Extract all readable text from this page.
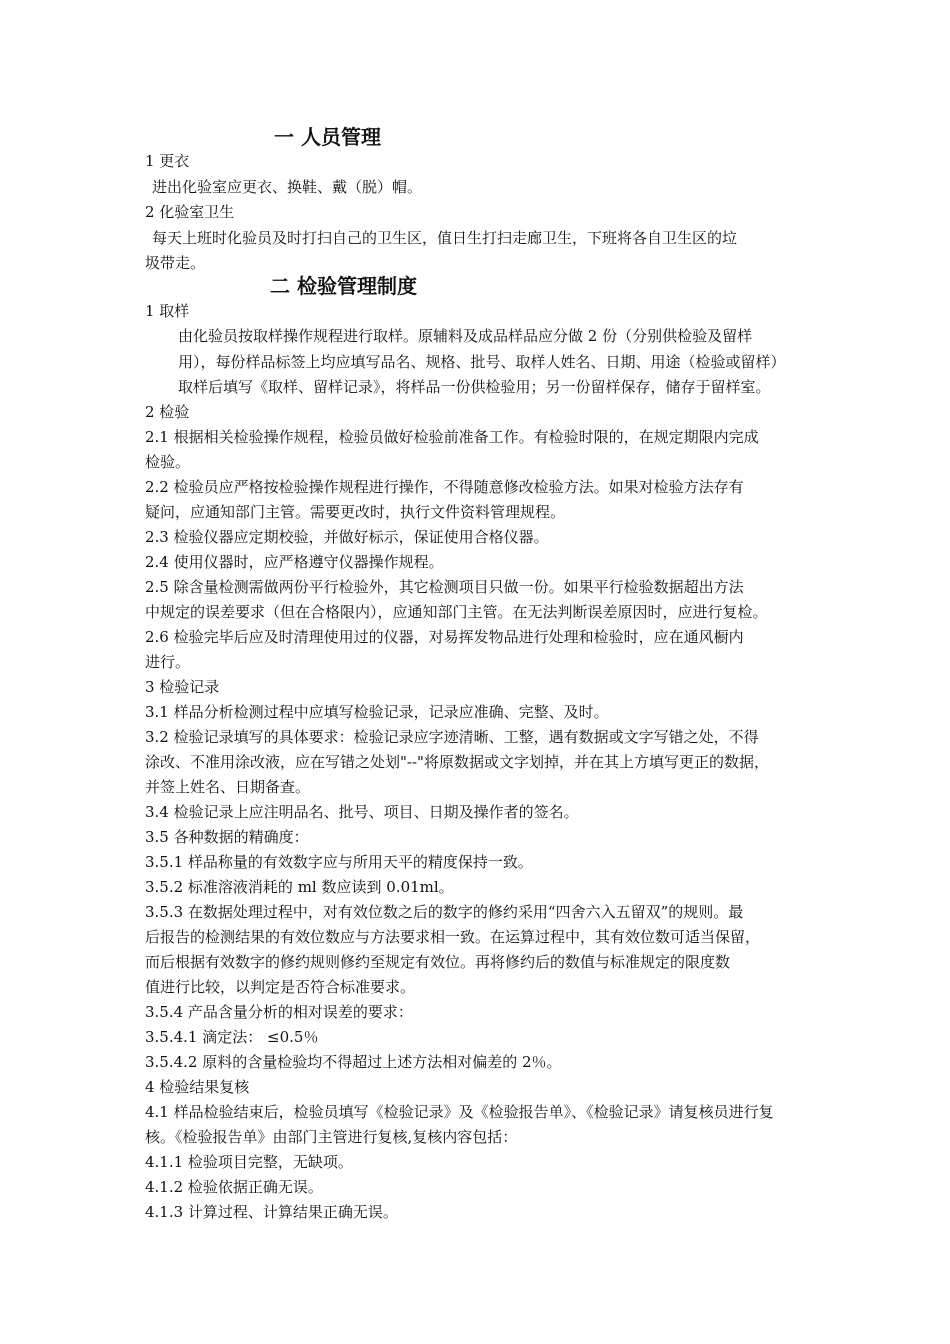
一 人员管理
1 更衣
进出化验室应更衣、换鞋、戴（脱）帽。
2 化验室卫生
每天上班时化验员及时打扫自己的卫生区，值日生打扫走廊卫生，下班将各自卫生区的垃
圾带走。
二 检验管理制度
1 取样
由化验员按取样操作规程进行取样。原辅料及成品样品应分做 2 份（分别供检验及留样
用），每份样品标签上均应填写品名、规格、批号、取样人姓名、日期、用途（检验或留样）
取样后填写《取样、留样记录》，将样品一份供检验用；另一份留样保存，储存于留样室。
2 检验
2.1 根据相关检验操作规程，检验员做好检验前准备工作。有检验时限的，在规定期限内完成
检验。
2.2 检验员应严格按检验操作规程进行操作，不得随意修改检验方法。如果对检验方法存有
疑问，应通知部门主管。需要更改时，执行文件资料管理规程。
2.3 检验仪器应定期校验，并做好标示，保证使用合格仪器。
2.4 使用仪器时，应严格遵守仪器操作规程。
2.5 除含量检测需做两份平行检验外，其它检测项目只做一份。如果平行检验数据超出方法
中规定的误差要求（但在合格限内），应通知部门主管。在无法判断误差原因时，应进行复检。
2.6 检验完毕后应及时清理使用过的仪器，对易挥发物品进行处理和检验时，应在通风橱内
进行。
3 检验记录
3.1 样品分析检测过程中应填写检验记录，记录应准确、完整、及时。
3.2 检验记录填写的具体要求：检验记录应字迹清晰、工整，遇有数据或文字写错之处，不得
涂改、不准用涂改液，应在写错之处划"--"将原数据或文字划掉，并在其上方填写更正的数据，
并签上姓名、日期备查。
3.4 检验记录上应注明品名、批号、项目、日期及操作者的签名。
3.5 各种数据的精确度：
3.5.1 样品称量的有效数字应与所用天平的精度保持一致。
3.5.2 标准溶液消耗的 ml 数应读到 0.01ml。
3.5.3 在数据处理过程中，对有效位数之后的数字的修约采用“四舍六入五留双”的规则。最
后报告的检测结果的有效位数应与方法要求相一致。在运算过程中，其有效位数可适当保留，
而后根据有效数字的修约规则修约至规定有效位。再将修约后的数值与标准规定的限度数
值进行比较，以判定是否符合标准要求。
3.5.4 产品含量分析的相对误差的要求：
3.5.4.1 滴定法： ≤0.5％
3.5.4.2 原料的含量检验均不得超过上述方法相对偏差的 2％。
4 检验结果复核
4.1 样品检验结束后，检验员填写《检验记录》及《检验报告单》、《检验记录》请复核员进行复
核。《检验报告单》由部门主管进行复核,复核内容包括：
4.1.1 检验项目完整，无缺项。
4.1.2 检验依据正确无误。
4.1.3 计算过程、计算结果正确无误。
